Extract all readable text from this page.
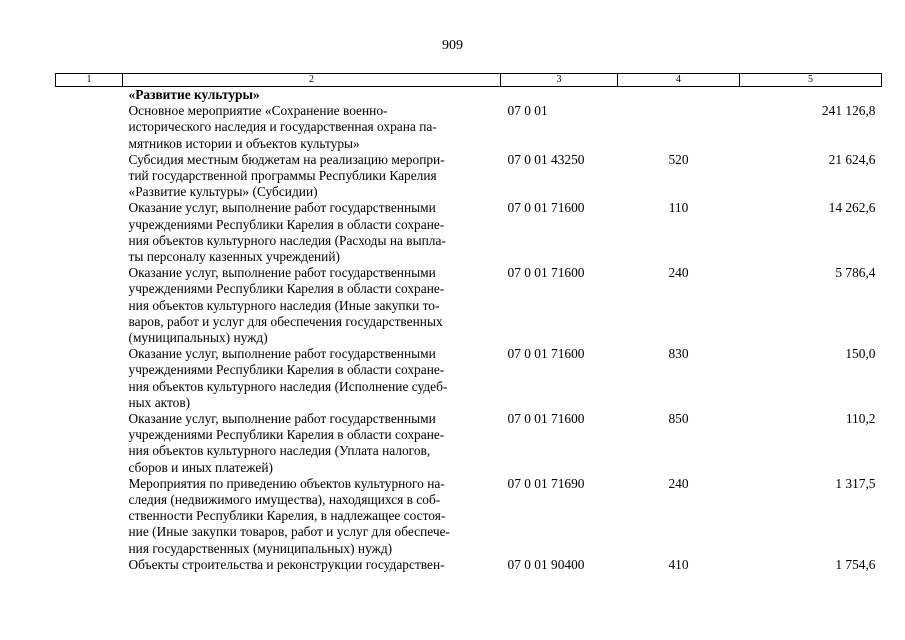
909
1	2	3	4	5
	«Развитие культуры»			

	Основное мероприятие «Сохранение военно-
исторического наследия и государственная охрана па-
мятников истории и объектов культуры»	07 0 01		241 126,8

	Субсидия местным бюджетам на реализацию меропри-
тий государственной программы Республики Карелия
«Развитие культуры» (Субсидии)	07 0 01 43250	520	21 624,6

	Оказание услуг, выполнение работ государственными
учреждениями Республики Карелия в области сохране-
ния объектов культурного наследия (Расходы на выпла-
ты персоналу казенных учреждений)	07 0 01 71600	110	14 262,6

	Оказание услуг, выполнение работ государственными
учреждениями Республики Карелия в области сохране-
ния объектов культурного наследия (Иные закупки то-
варов, работ и услуг для обеспечения государственных
(муниципальных) нужд)	07 0 01 71600	240	5 786,4

	Оказание услуг, выполнение работ государственными
учреждениями Республики Карелия в области сохране-
ния объектов культурного наследия (Исполнение судеб-
ных актов)	07 0 01 71600	830	150,0

	Оказание услуг, выполнение работ государственными
учреждениями Республики Карелия в области сохране-
ния объектов культурного наследия (Уплата налогов,
сборов и иных платежей)	07 0 01 71600	850	110,2

	Мероприятия по приведению объектов культурного на-
следия (недвижимого имущества), находящихся в соб-
ственности Республики Карелия, в надлежащее состоя-
ние (Иные закупки товаров, работ и услуг для обеспече-
ния государственных (муниципальных) нужд)	07 0 01 71690	240	1 317,5

	Объекты строительства и реконструкции государствен-	07 0 01 90400	410	1 754,6
